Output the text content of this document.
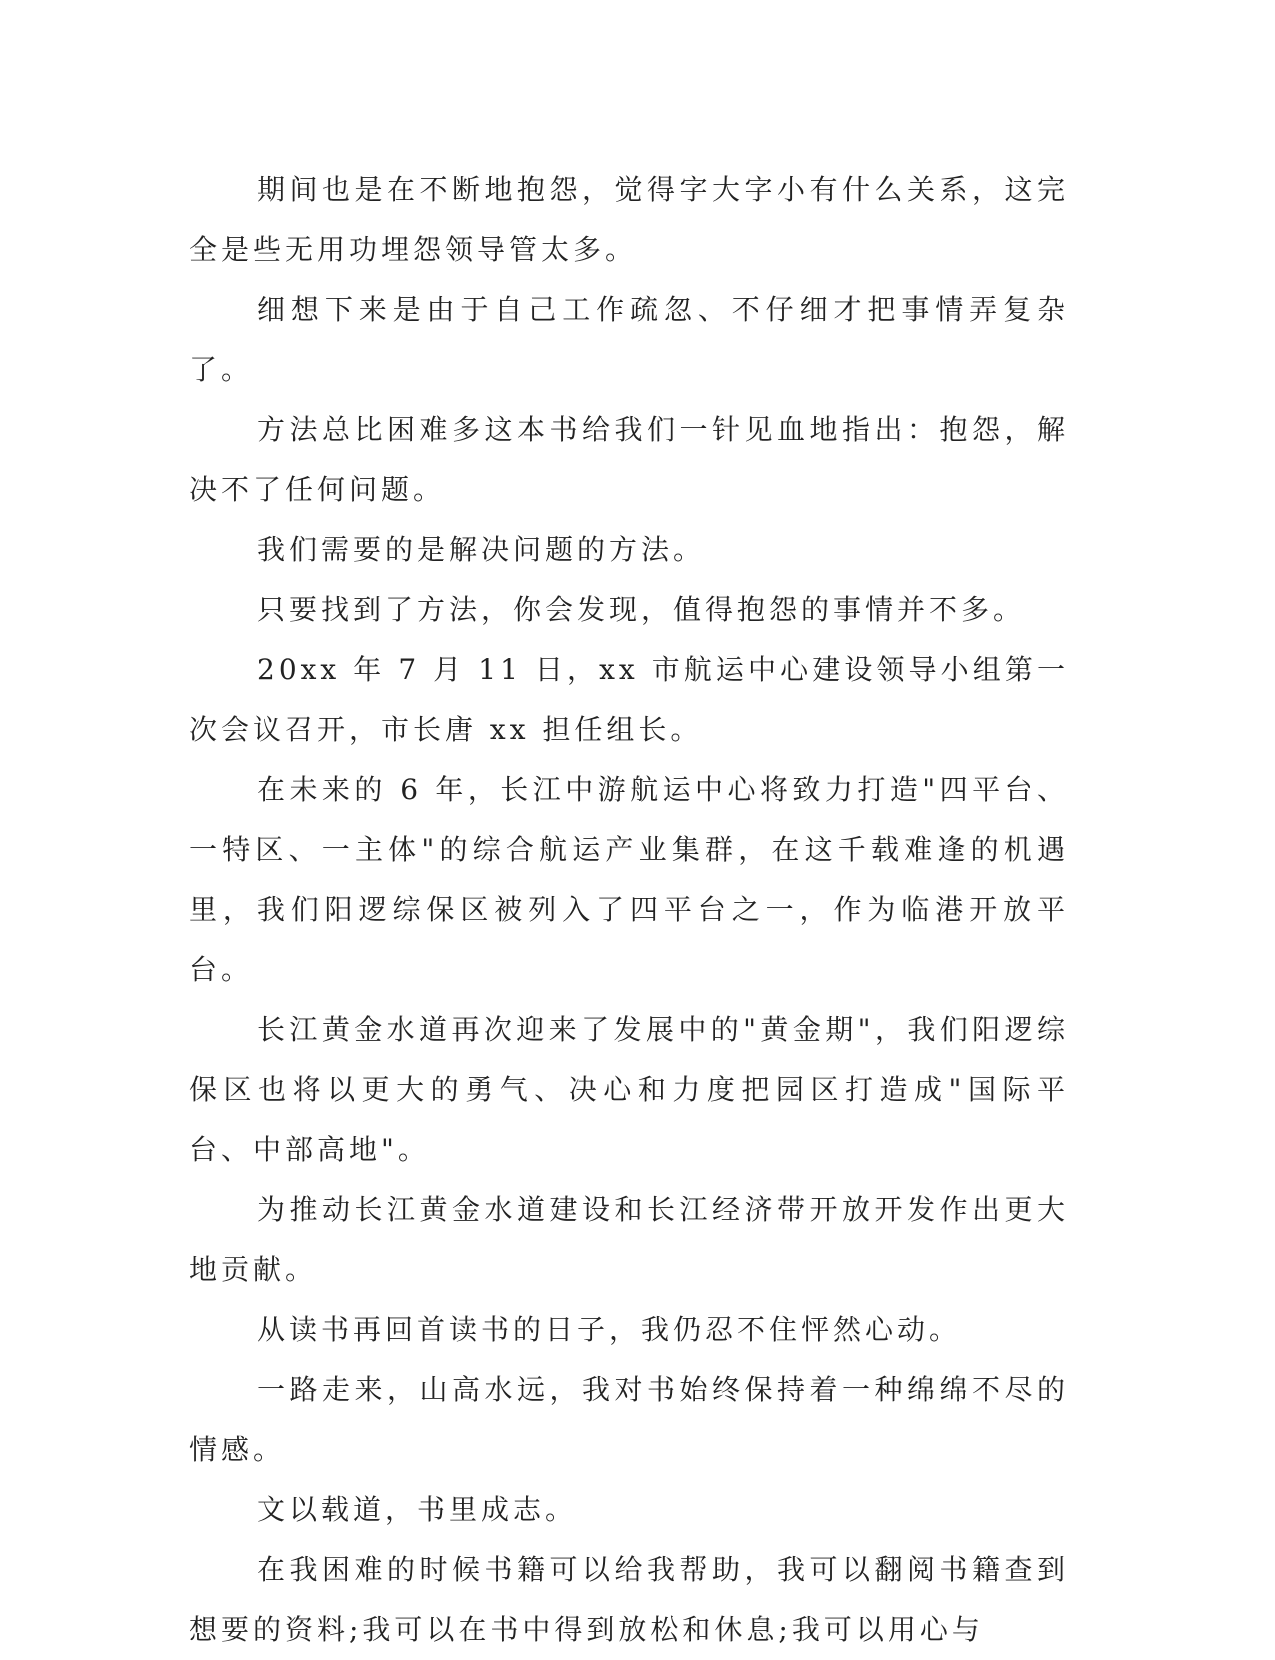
期间也是在不断地抱怨，觉得字大字小有什么关系，这完全是些无用功埋怨领导管太多。

细想下来是由于自己工作疏忽、不仔细才把事情弄复杂了。

方法总比困难多这本书给我们一针见血地指出：抱怨，解决不了任何问题。

我们需要的是解决问题的方法。

只要找到了方法，你会发现，值得抱怨的事情并不多。

20xx 年 7 月 11 日，xx 市航运中心建设领导小组第一次会议召开，市长唐 xx 担任组长。

在未来的 6 年，长江中游航运中心将致力打造"四平台、一特区、一主体"的综合航运产业集群，在这千载难逢的机遇里，我们阳逻综保区被列入了四平台之一，作为临港开放平台。

长江黄金水道再次迎来了发展中的"黄金期"，我们阳逻综保区也将以更大的勇气、决心和力度把园区打造成"国际平台、中部高地"。

为推动长江黄金水道建设和长江经济带开放开发作出更大地贡献。

从读书再回首读书的日子，我仍忍不住怦然心动。

一路走来，山高水远，我对书始终保持着一种绵绵不尽的情感。

文以载道，书里成志。

在我困难的时候书籍可以给我帮助，我可以翻阅书籍查到想要的资料;我可以在书中得到放松和休息;我可以用心与
